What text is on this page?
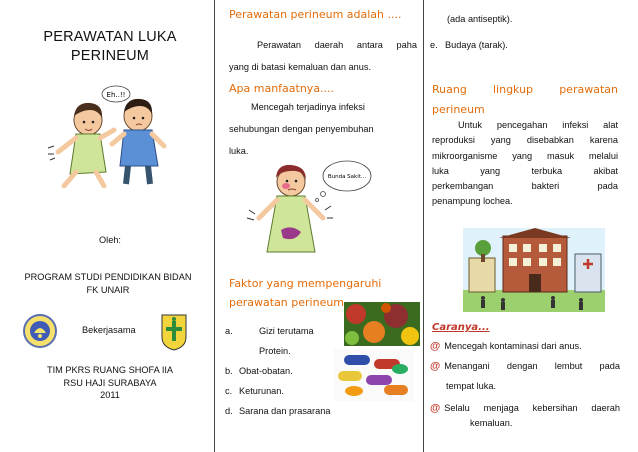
PERAWATAN LUKA
PERINEUM
Eh..!!
Oleh:
PROGRAM STUDI PENDIDIKAN BIDAN
FK UNAIR
Bekerjasama
TIM PKRS RUANG SHOFA IIA
RSU HAJI SURABAYA
2011
Perawatan perineum adalah ....
Perawatan daerah antara paha
yang di batasi kemaluan dan anus.
Apa manfaatnya....
Mencegah terjadinya infeksi
sehubungan dengan penyembuhan
luka.
Bunda Sakit...
Faktor yang mempengaruhi
perawatan perineum
a.	Gizi terutama
Protein.
b. Obat-obatan.
c. Keturunan.
d. Sarana dan prasarana
(ada antiseptik).
e. Budaya (tarak).
Ruang lingkup perawatan
perineum
Untuk pencegahan infeksi alat
reproduksi yang disebabkan karena
mikroorganisme yang masuk melalui
luka yang terbuka akibat
perkembangan bakteri pada
penampung lochea.
Caranya...
@ Mencegah kontaminasi dari anus.
@ Menangani dengan lembut pada
tempat luka.
@ Selalu menjaga kebersihan daerah
kemaluan.
